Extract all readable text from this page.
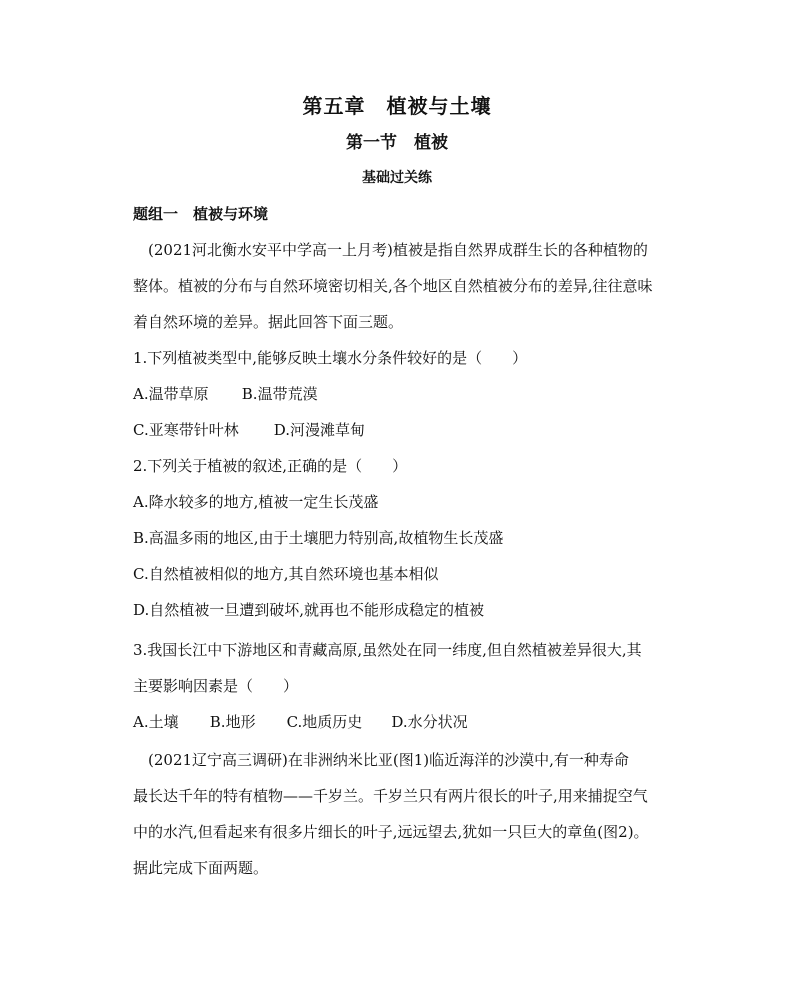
第五章　植被与土壤
第一节　植被
基础过关练
题组一　植被与环境
(2021河北衡水安平中学高一上月考)植被是指自然界成群生长的各种植物的
整体。植被的分布与自然环境密切相关,各个地区自然植被分布的差异,往往意味
着自然环境的差异。据此回答下面三题。
1.下列植被类型中,能够反映土壤水分条件较好的是（　　）
A.温带草原 B.温带荒漠
C.亚寒带针叶林 D.河漫滩草甸
2.下列关于植被的叙述,正确的是（　　）
A.降水较多的地方,植被一定生长茂盛
B.高温多雨的地区,由于土壤肥力特别高,故植物生长茂盛
C.自然植被相似的地方,其自然环境也基本相似
D.自然植被一旦遭到破坏,就再也不能形成稳定的植被
3.我国长江中下游地区和青藏高原,虽然处在同一纬度,但自然植被差异很大,其
主要影响因素是（　　）
A.土壤 B.地形 C.地质历史 D.水分状况
(2021辽宁高三调研)在非洲纳米比亚(图1)临近海洋的沙漠中,有一种寿命
最长达千年的特有植物——千岁兰。千岁兰只有两片很长的叶子,用来捕捉空气
中的水汽,但看起来有很多片细长的叶子,远远望去,犹如一只巨大的章鱼(图2)。
据此完成下面两题。
